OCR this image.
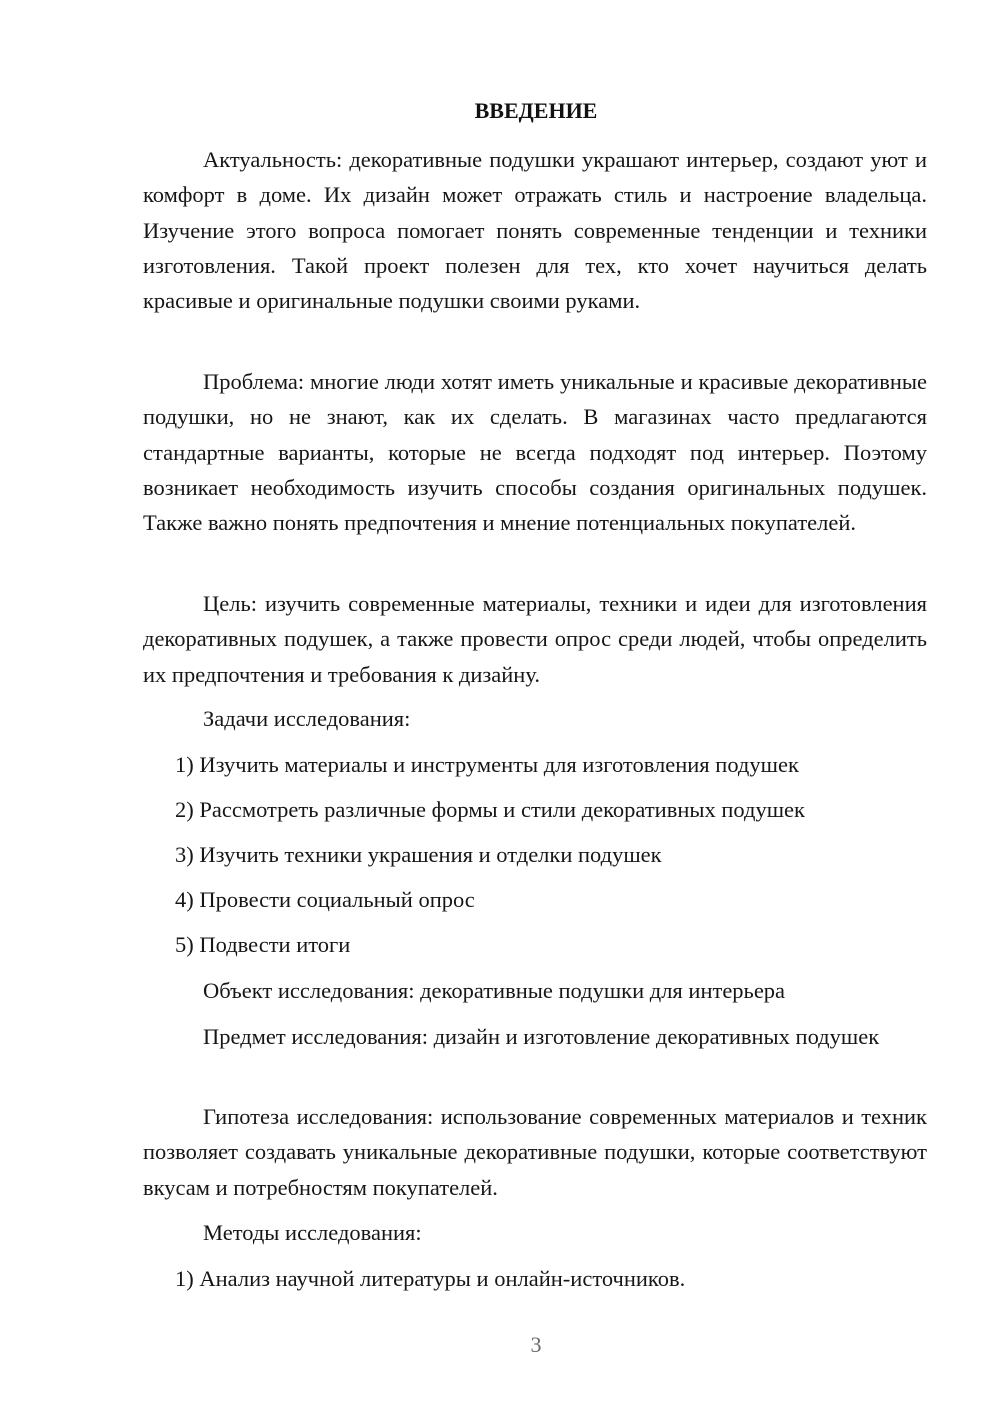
ВВЕДЕНИЕ

Актуальность: декоративные подушки украшают интерьер, создают уют и комфорт в доме. Их дизайн может отражать стиль и настроение владельца. Изучение этого вопроса помогает понять современные тенденции и техники изготовления. Такой проект полезен для тех, кто хочет научиться делать красивые и оригинальные подушки своими руками.

Проблема: многие люди хотят иметь уникальные и красивые декоративные подушки, но не знают, как их сделать. В магазинах часто предлагаются стандартные варианты, которые не всегда подходят под интерьер. Поэтому возникает необходимость изучить способы создания оригинальных подушек. Также важно понять предпочтения и мнение потенциальных покупателей.

Цель: изучить современные материалы, техники и идеи для изготовления декоративных подушек, а также провести опрос среди людей, чтобы определить их предпочтения и требования к дизайну.

Задачи исследования:

1) Изучить материалы и инструменты для изготовления подушек

2) Рассмотреть различные формы и стили декоративных подушек

3) Изучить техники украшения и отделки подушек

4) Провести социальный опрос

5) Подвести итоги

Объект исследования: декоративные подушки для интерьера

Предмет исследования: дизайн и изготовление декоративных подушек

Гипотеза исследования: использование современных материалов и техник позволяет создавать уникальные декоративные подушки, которые соответствуют вкусам и потребностям покупателей.

Методы исследования:

1) Анализ научной литературы и онлайн-источников.

3
